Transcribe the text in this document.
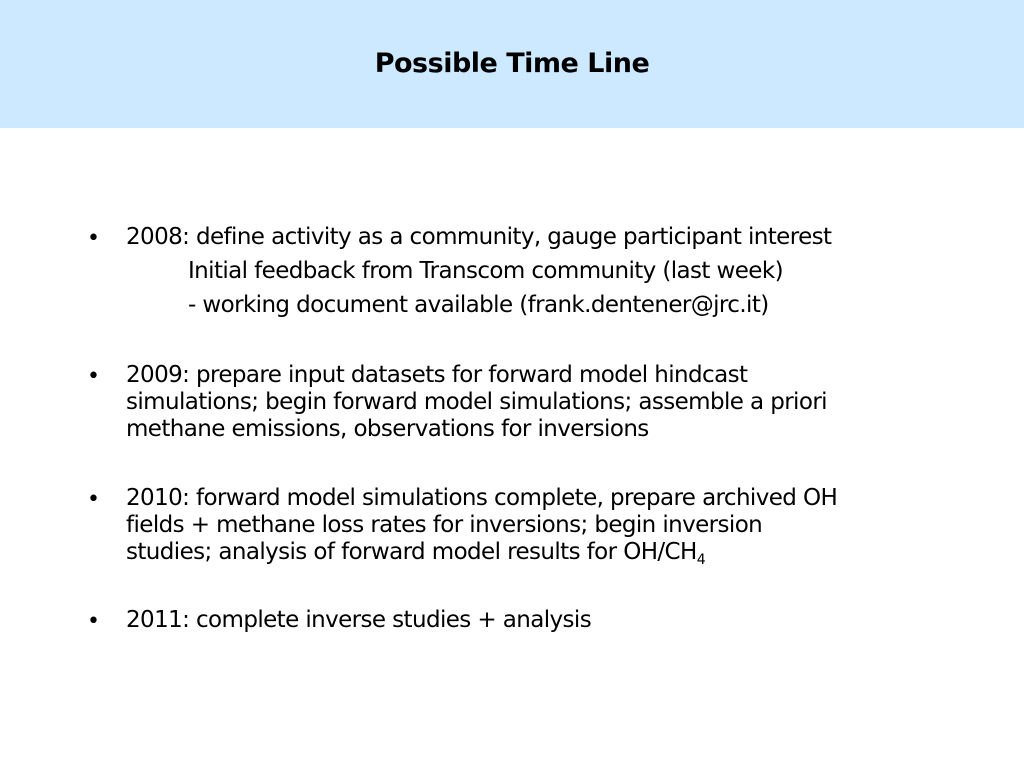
Possible Time Line
• 2008: define activity as a community, gauge participant interest
Initial feedback from Transcom community (last week)
- working document available (frank.dentener@jrc.it)
• 2009: prepare input datasets for forward model hindcast
simulations; begin forward model simulations; assemble a priori
methane emissions, observations for inversions
• 2010: forward model simulations complete, prepare archived OH
fields + methane loss rates for inversions; begin inversion
studies; analysis of forward model results for $OH/CH_4$
• 2011: complete inverse studies + analysis
